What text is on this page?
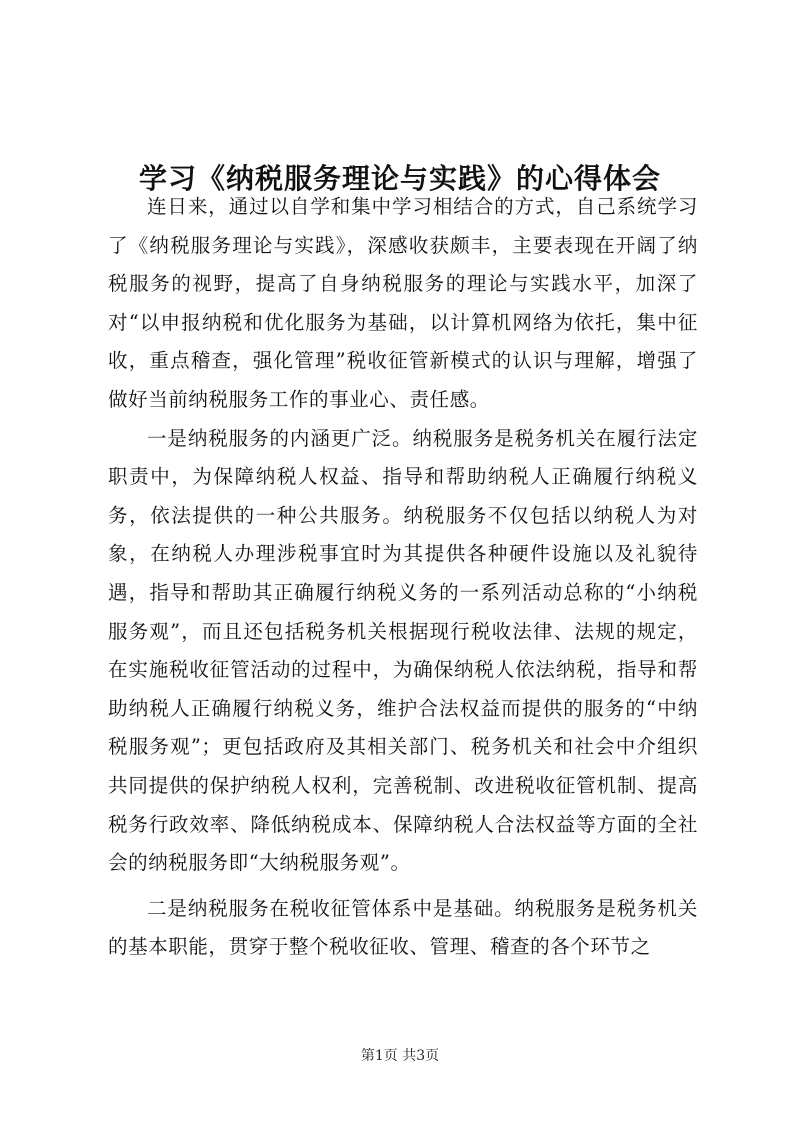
学习《纳税服务理论与实践》的心得体会

连日来，通过以自学和集中学习相结合的方式，自己系统学习了《纳税服务理论与实践》，深感收获颇丰，主要表现在开阔了纳税服务的视野，提高了自身纳税服务的理论与实践水平，加深了对“以申报纳税和优化服务为基础，以计算机网络为依托，集中征收，重点稽查，强化管理”税收征管新模式的认识与理解，增强了做好当前纳税服务工作的事业心、责任感。

一是纳税服务的内涵更广泛。纳税服务是税务机关在履行法定职责中，为保障纳税人权益、指导和帮助纳税人正确履行纳税义务，依法提供的一种公共服务。纳税服务不仅包括以纳税人为对象，在纳税人办理涉税事宜时为其提供各种硬件设施以及礼貌待遇，指导和帮助其正确履行纳税义务的一系列活动总称的“小纳税服务观”，而且还包括税务机关根据现行税收法律、法规的规定，在实施税收征管活动的过程中，为确保纳税人依法纳税，指导和帮助纳税人正确履行纳税义务，维护合法权益而提供的服务的“中纳税服务观”；更包括政府及其相关部门、税务机关和社会中介组织共同提供的保护纳税人权利，完善税制、改进税收征管机制、提高税务行政效率、降低纳税成本、保障纳税人合法权益等方面的全社会的纳税服务即“大纳税服务观”。

二是纳税服务在税收征管体系中是基础。纳税服务是税务机关的基本职能，贯穿于整个税收征收、管理、稽查的各个环节之

第1页 共3页
